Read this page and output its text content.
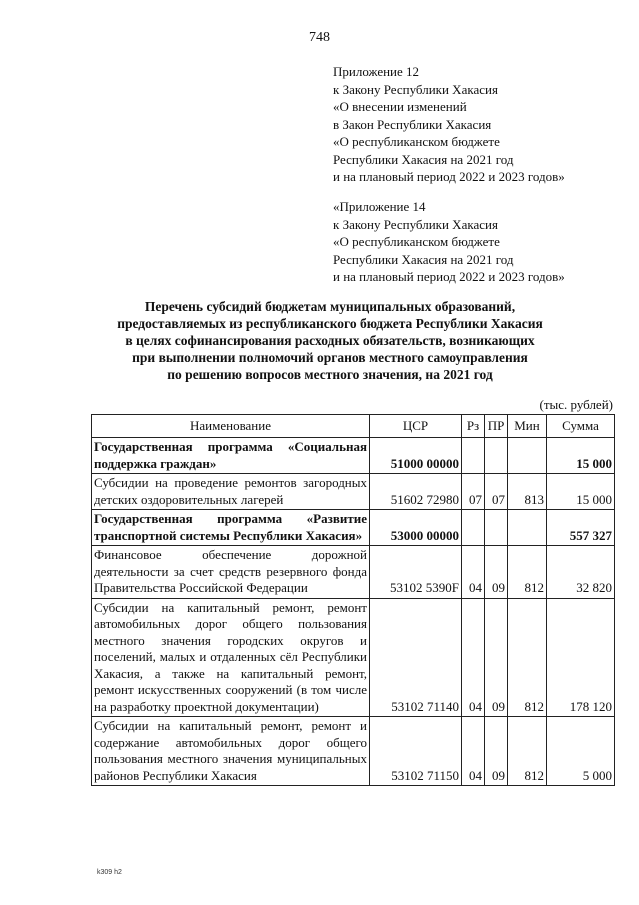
748
Приложение 12
к Закону Республики Хакасия
«О внесении изменений
в Закон Республики Хакасия
«О республиканском бюджете
Республики Хакасия на 2021 год
и на плановый период 2022 и 2023 годов»
«Приложение 14
к Закону Республики Хакасия
«О республиканском бюджете
Республики Хакасия на 2021 год
и на плановый период 2022 и 2023 годов»
Перечень субсидий бюджетам муниципальных образований,
предоставляемых из республиканского бюджета Республики Хакасия
в целях софинансирования расходных обязательств, возникающих
при выполнении полномочий органов местного самоуправления
по решению вопросов местного значения, на 2021 год
(тыс. рублей)
Наименование	ЦСР	Рз	ПР	Мин	Сумма
Государственная программа «Социальная поддержка граждан»	51000 00000				15 000
Субсидии на проведение ремонтов загородных детских оздоровительных лагерей	51602 72980	07	07	813	15 000
Государственная программа «Развитие транспортной системы Республики Хакасия»	53000 00000				557 327
Финансовое обеспечение дорожной деятельности за счет средств резервного фонда Правительства Российской Федерации	53102 5390F	04	09	812	32 820
Субсидии на капитальный ремонт, ремонт автомобильных дорог общего пользования местного значения городских округов и поселений, малых и отдаленных сёл Республики Хакасия, а также на капитальный ремонт, ремонт искусственных сооружений (в том числе на разработку проектной документации)	53102 71140	04	09	812	178 120
Субсидии на капитальный ремонт, ремонт и содержание автомобильных дорог общего пользования местного значения муниципальных районов Республики Хакасия	53102 71150	04	09	812	5 000
k309 h2
